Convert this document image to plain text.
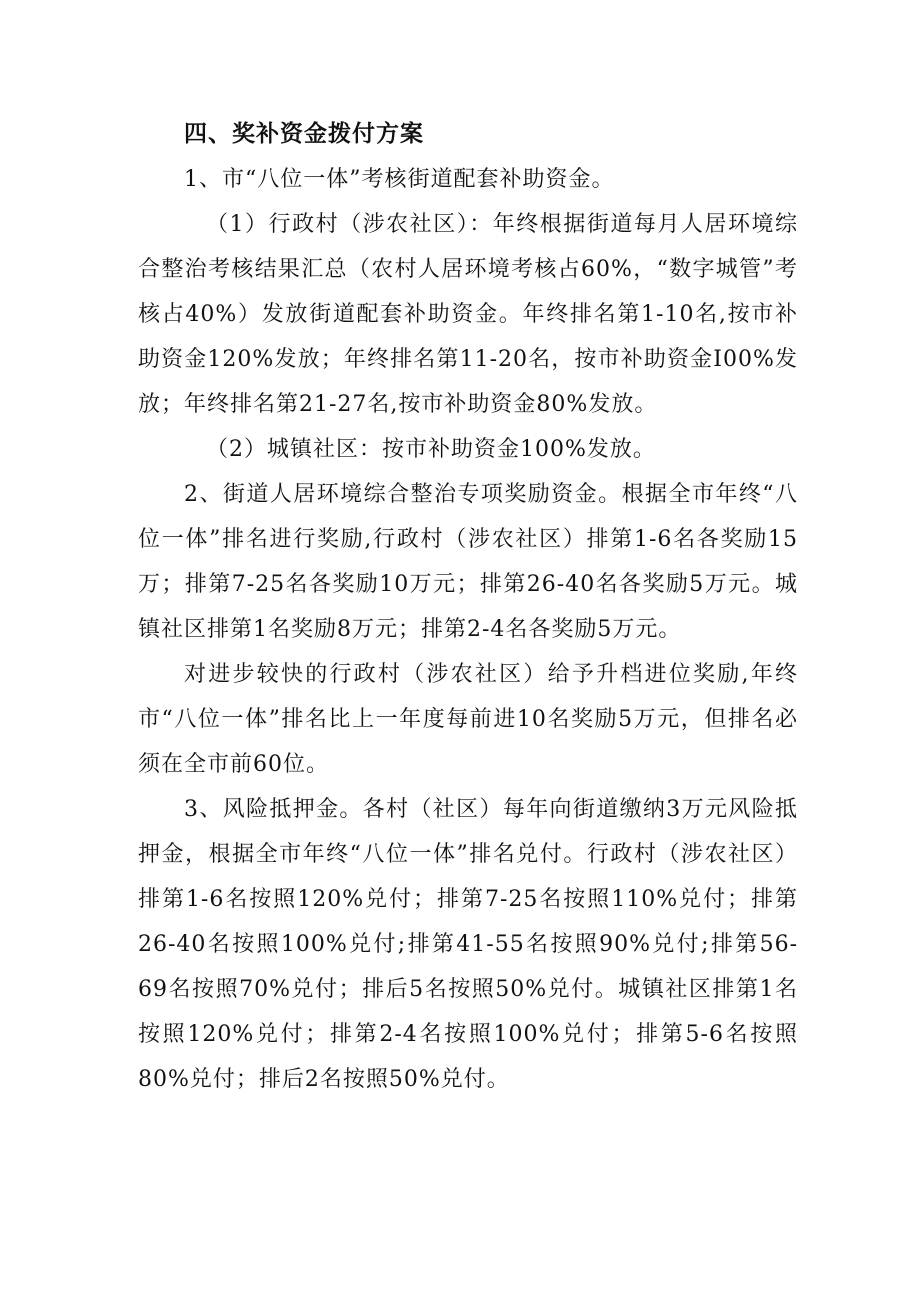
四、奖补资金拨付方案

1、市“八位一体”考核街道配套补助资金。

（1）行政村（涉农社区）：年终根据街道每月人居环境综合整治考核结果汇总（农村人居环境考核占60%，“数字城管”考核占40%）发放街道配套补助资金。年终排名第1-10名,按市补助资金120%发放；年终排名第11-20名，按市补助资金I00%发放；年终排名第21-27名,按市补助资金80%发放。

（2）城镇社区：按市补助资金100%发放。

2、街道人居环境综合整治专项奖励资金。根据全市年终“八位一体”排名进行奖励,行政村（涉农社区）排第1-6名各奖励15万；排第7-25名各奖励10万元；排第26-40名各奖励5万元。城镇社区排第1名奖励8万元；排第2-4名各奖励5万元。

对进步较快的行政村（涉农社区）给予升档进位奖励,年终市“八位一体”排名比上一年度每前进10名奖励5万元，但排名必须在全市前60位。

3、风险抵押金。各村（社区）每年向街道缴纳3万元风险抵押金，根据全市年终“八位一体”排名兑付。行政村（涉农社区）排第1-6名按照120%兑付；排第7-25名按照110%兑付；排第26-40名按照100%兑付;排第41-55名按照90%兑付;排第56-69名按照70%兑付；排后5名按照50%兑付。城镇社区排第1名按照120%兑付；排第2-4名按照100%兑付；排第5-6名按照80%兑付；排后2名按照50%兑付。
